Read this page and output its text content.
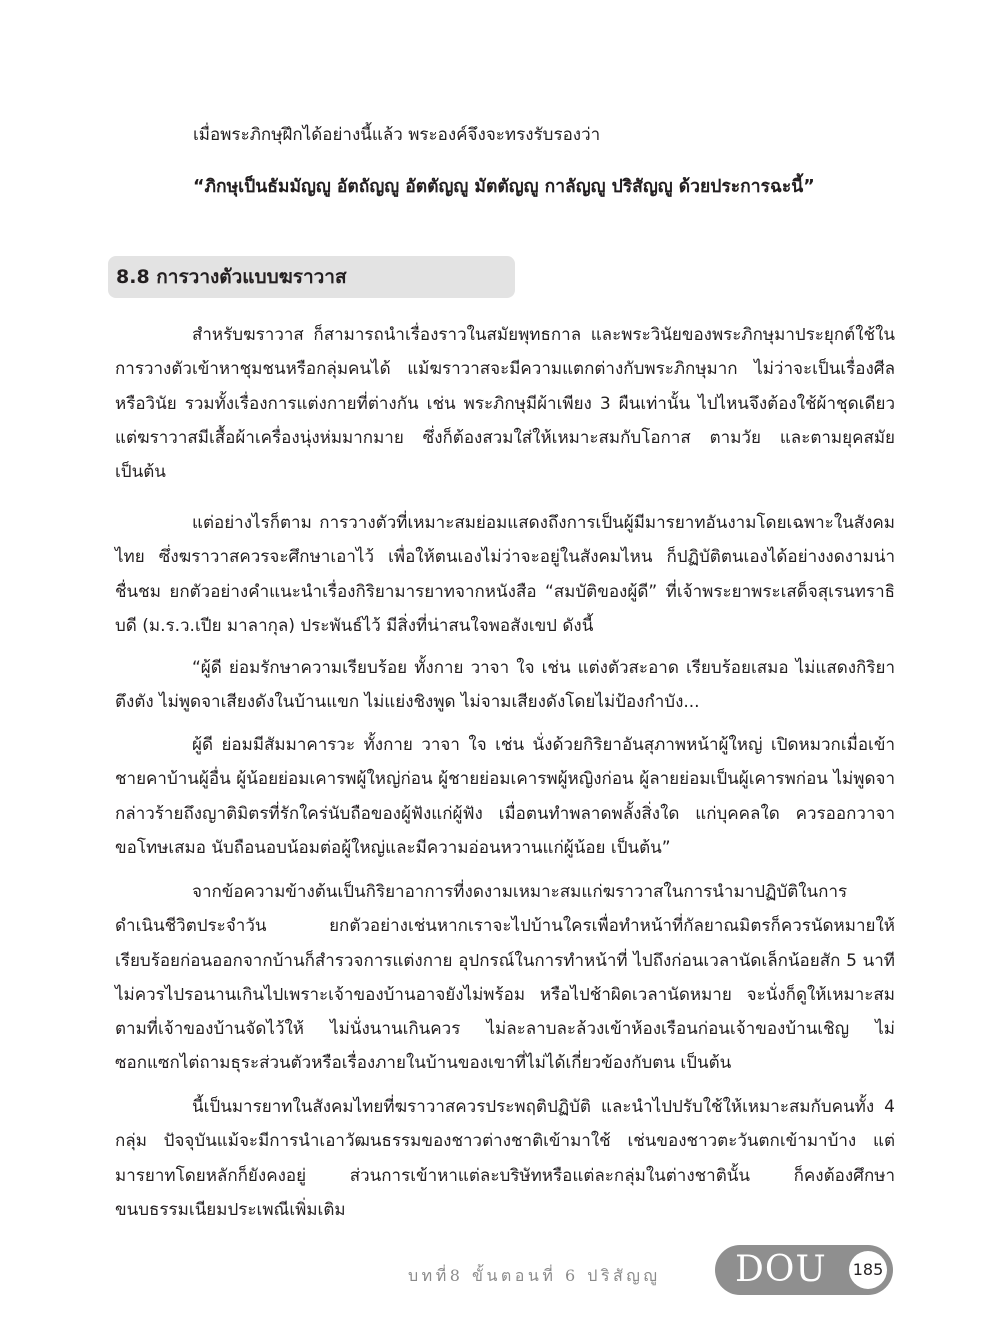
เมื่อพระภิกษุฝึกได้อย่างนี้แล้ว พระองค์จึงจะทรงรับรองว่า

“ภิกษุเป็นธัมมัญญู อัตถัญญู อัตตัญญู มัตตัญญู กาลัญญู ปริสัญญู ด้วยประการฉะนี้”

8.8 การวางตัวแบบฆราวาส

สำหรับฆราวาส ก็สามารถนำเรื่องราวในสมัยพุทธกาล และพระวินัยของพระภิกษุมาประยุกต์ใช้ในการวางตัวเข้าหาชุมชนหรือกลุ่มคนได้ แม้ฆราวาสจะมีความแตกต่างกับพระภิกษุมาก ไม่ว่าจะเป็นเรื่องศีล หรือวินัย รวมทั้งเรื่องการแต่งกายที่ต่างกัน เช่น พระภิกษุมีผ้าเพียง 3 ผืนเท่านั้น ไปไหนจึงต้องใช้ผ้าชุดเดียว แต่ฆราวาสมีเสื้อผ้าเครื่องนุ่งห่มมากมาย ซึ่งก็ต้องสวมใส่ให้เหมาะสมกับโอกาส ตามวัย และตามยุคสมัย เป็นต้น

แต่อย่างไรก็ตาม การวางตัวที่เหมาะสมย่อมแสดงถึงการเป็นผู้มีมารยาทอันงามโดยเฉพาะในสังคมไทย ซึ่งฆราวาสควรจะศึกษาเอาไว้ เพื่อให้ตนเองไม่ว่าจะอยู่ในสังคมไหน ก็ปฏิบัติตนเองได้อย่างงดงามน่าชื่นชม ยกตัวอย่างคำแนะนำเรื่องกิริยามารยาทจากหนังสือ “สมบัติของผู้ดี” ที่เจ้าพระยาพระเสด็จสุเรนทราธิบดี (ม.ร.ว.เปีย มาลากุล) ประพันธ์ไว้ มีสิ่งที่น่าสนใจพอสังเขป ดังนี้

“ผู้ดี ย่อมรักษาความเรียบร้อย ทั้งกาย วาจา ใจ เช่น แต่งตัวสะอาด เรียบร้อยเสมอ ไม่แสดงกิริยาตึงตัง ไม่พูดจาเสียงดังในบ้านแขก ไม่แย่งชิงพูด ไม่จามเสียงดังโดยไม่ป้องกำบัง...

ผู้ดี ย่อมมีสัมมาคารวะ ทั้งกาย วาจา ใจ เช่น นั่งด้วยกิริยาอันสุภาพหน้าผู้ใหญ่ เปิดหมวกเมื่อเข้าชายคาบ้านผู้อื่น ผู้น้อยย่อมเคารพผู้ใหญ่ก่อน ผู้ชายย่อมเคารพผู้หญิงก่อน ผู้ลายย่อมเป็นผู้เคารพก่อน ไม่พูดจากล่าวร้ายถึงญาติมิตรที่รักใคร่นับถือของผู้ฟังแก่ผู้ฟัง เมื่อตนทำพลาดพลั้งสิ่งใด แก่บุคคลใด ควรออกวาจาขอโทษเสมอ นับถือนอบน้อมต่อผู้ใหญ่และมีความอ่อนหวานแก่ผู้น้อย เป็นต้น”

จากข้อความข้างต้นเป็นกิริยาอาการที่งดงามเหมาะสมแก่ฆราวาสในการนำมาปฏิบัติในการดำเนินชีวิตประจำวัน ยกตัวอย่างเช่นหากเราจะไปบ้านใครเพื่อทำหน้าที่กัลยาณมิตรก็ควรนัดหมายให้เรียบร้อยก่อนออกจากบ้านก็สำรวจการแต่งกาย อุปกรณ์ในการทำหน้าที่ ไปถึงก่อนเวลานัดเล็กน้อยสัก 5 นาที ไม่ควรไปรอนานเกินไปเพราะเจ้าของบ้านอาจยังไม่พร้อม หรือไปช้าผิดเวลานัดหมาย จะนั่งก็ดูให้เหมาะสมตามที่เจ้าของบ้านจัดไว้ให้ ไม่นั่งนานเกินควร ไม่ละลาบละล้วงเข้าห้องเรือนก่อนเจ้าของบ้านเชิญ ไม่ซอกแซกไต่ถามธุระส่วนตัวหรือเรื่องภายในบ้านของเขาที่ไม่ได้เกี่ยวข้องกับตน เป็นต้น

นี้เป็นมารยาทในสังคมไทยที่ฆราวาสควรประพฤติปฏิบัติ และนำไปปรับใช้ให้เหมาะสมกับคนทั้ง 4 กลุ่ม ปัจจุบันแม้จะมีการนำเอาวัฒนธรรมของชาวต่างชาติเข้ามาใช้ เช่นของชาวตะวันตกเข้ามาบ้าง แต่มารยาทโดยหลักก็ยังคงอยู่ ส่วนการเข้าหาแต่ละบริษัทหรือแต่ละกลุ่มในต่างชาตินั้น ก็คงต้องศึกษาขนบธรรมเนียมประเพณีเพิ่มเติม

บทที่8 ขั้นตอนที่ 6 ปริสัญญู DOU 185
